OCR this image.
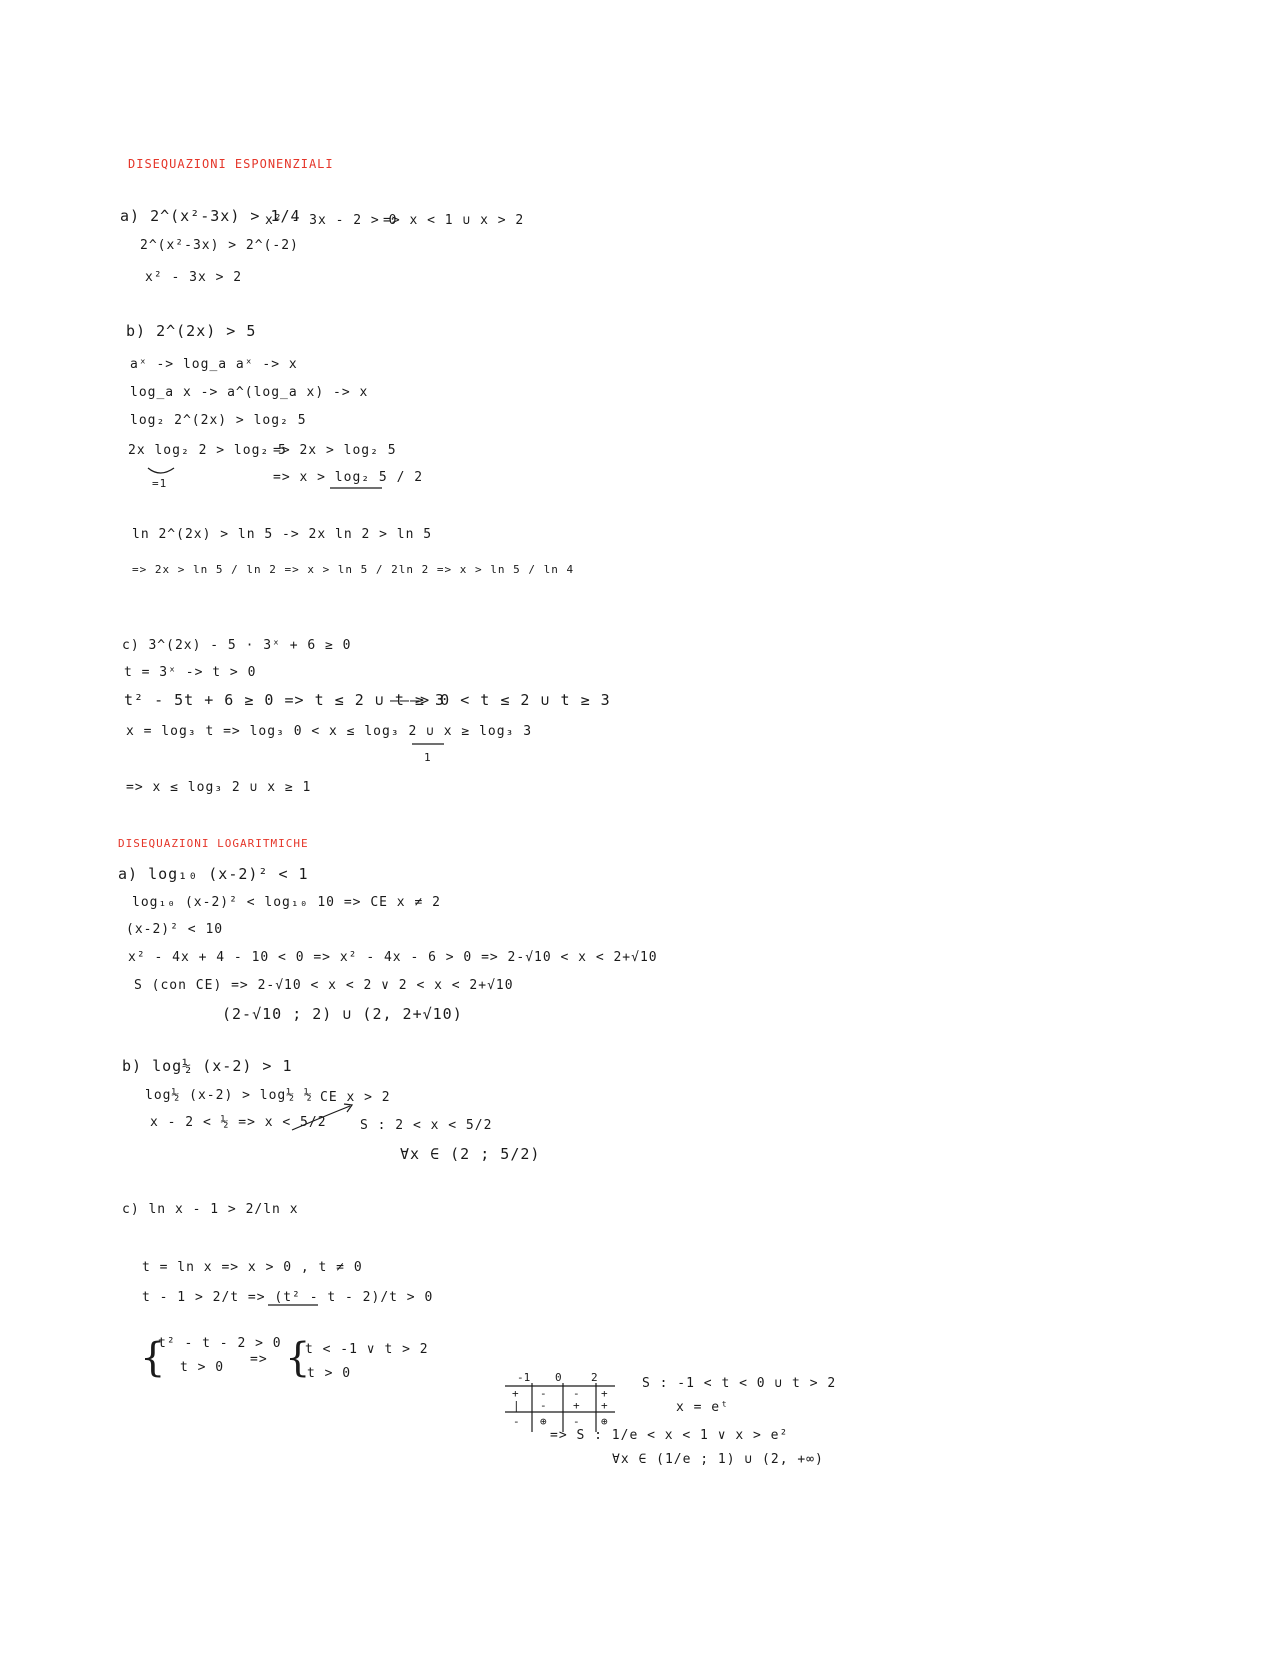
DISEQUAZIONI ESPONENZIALI
a) 2^(x²-3x) > 1/4
2^(x²-3x) > 2^(-2)
x² - 3x > 2
x² - 3x - 2 > 0
=> x < 1 ∪ x > 2
b) 2^(2x) > 5
aˣ -> log_a aˣ -> x
log_a x -> a^(log_a x) -> x
log₂ 2^(2x) > log₂ 5
2x log₂ 2 > log₂ 5
=1
=> 2x > log₂ 5
=> x > log₂ 5 / 2
ln 2^(2x) > ln 5 -> 2x ln 2 > ln 5
=> 2x > ln 5 / ln 2 => x > ln 5 / 2ln 2 => x > ln 5 / ln 4
c) 3^(2x) - 5 · 3ˣ + 6 ≥ 0
t = 3ˣ -> t > 0
t² - 5t + 6 ≥ 0 => t ≤ 2 ∪ t ≥ 3
———> 0 < t ≤ 2 ∪ t ≥ 3
x = log₃ t => log₃ 0 < x ≤ log₃ 2 ∪ x ≥ log₃ 3
1
=> x ≤ log₃ 2 ∪ x ≥ 1
DISEQUAZIONI LOGARITMICHE
a) log₁₀ (x-2)² < 1
log₁₀ (x-2)² < log₁₀ 10 => CE x ≠ 2
(x-2)² < 10
x² - 4x + 4 - 10 < 0 => x² - 4x - 6 > 0 => 2-√10 < x < 2+√10
S (con CE) => 2-√10 < x < 2 ∨ 2 < x < 2+√10
(2-√10 ; 2) ∪ (2, 2+√10)
b) log½ (x-2) > 1
log½ (x-2) > log½ ½
x - 2 < ½ => x < 5/2
CE x > 2
S : 2 < x < 5/2
∀x ∈ (2 ; 5/2)
c) ln x - 1 > 2/ln x
t = ln x => x > 0 , t ≠ 0
t - 1 > 2/t => (t² - t - 2)/t > 0
{
t² - t - 2 > 0
t > 0
=> {
t < -1 ∨ t > 2
t > 0	-1 0	2
+ - - +
| - + +
- ⊕ - ⊕
S : -1 < t < 0 ∪ t > 2
x = eᵗ
=> S : 1/e < x < 1 ∨ x > e²
∀x ∈ (1/e ; 1) ∪ (2, +∞)
